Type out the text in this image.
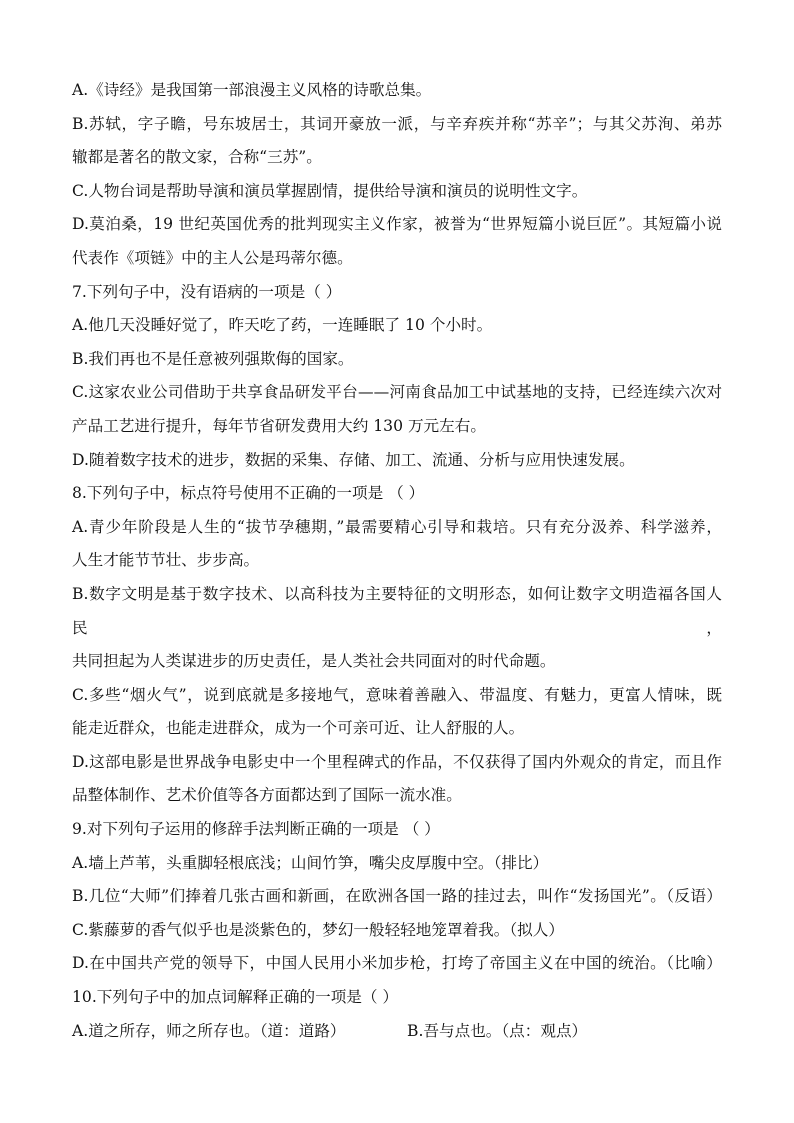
A.《诗经》是我国第一部浪漫主义风格的诗歌总集。
B.苏轼，字子瞻，号东坡居士，其词开豪放一派，与辛弃疾并称“苏辛”；与其父苏洵、弟苏
辙都是著名的散文家，合称“三苏”。
C.人物台词是帮助导演和演员掌握剧情，提供给导演和演员的说明性文字。
D.莫泊桑，19 世纪英国优秀的批判现实主义作家，被誉为“世界短篇小说巨匠”。其短篇小说
代表作《项链》中的主人公是玛蒂尔德。
7.下列句子中，没有语病的一项是（ ）
A.他几天没睡好觉了，昨天吃了药，一连睡眠了 10 个小时。
B.我们再也不是任意被列强欺侮的国家。
C.这家农业公司借助于共享食品研发平台——河南食品加工中试基地的支持，已经连续六次对
产品工艺进行提升，每年节省研发费用大约 130 万元左右。
D.随着数字技术的进步，数据的采集、存储、加工、流通、分析与应用快速发展。
8.下列句子中，标点符号使用不正确的一项是 （ ）
A.青少年阶段是人生的“拔节孕穗期，”最需要精心引导和栽培。只有充分汲养、科学滋养，
人生才能节节壮、步步高。
B.数字文明是基于数字技术、以高科技为主要特征的文明形态，如何让数字文明造福各国人民，
共同担起为人类谋进步的历史责任，是人类社会共同面对的时代命题。
C.多些“烟火气”，说到底就是多接地气，意味着善融入、带温度、有魅力，更富人情味，既
能走近群众，也能走进群众，成为一个可亲可近、让人舒服的人。
D.这部电影是世界战争电影史中一个里程碑式的作品，不仅获得了国内外观众的肯定，而且作
品整体制作、艺术价值等各方面都达到了国际一流水准。
9.对下列句子运用的修辞手法判断正确的一项是 （ ）
A.墙上芦苇，头重脚轻根底浅；山间竹笋，嘴尖皮厚腹中空。（排比）
B.几位“大师”们捧着几张古画和新画，在欧洲各国一路的挂过去，叫作“发扬国光”。（反语）
C.紫藤萝的香气似乎也是淡紫色的，梦幻一般轻轻地笼罩着我。（拟人）
D.在中国共产党的领导下，中国人民用小米加步枪，打垮了帝国主义在中国的统治。（比喻）
10.下列句子中的加点词解释正确的一项是（ ）
A.道之所存，师之所存也。（道：道路）	B.吾与点也。（点：观点）
